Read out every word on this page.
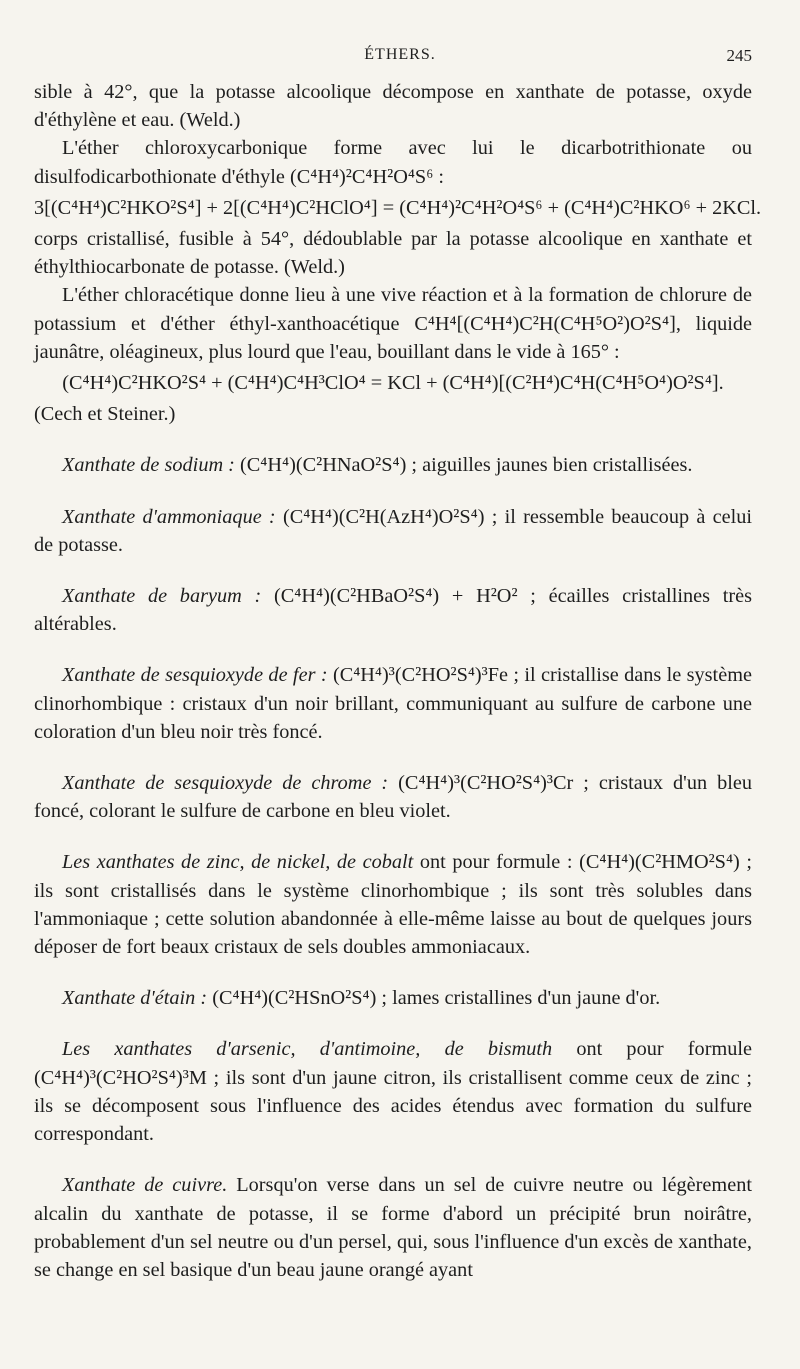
ÉTHERS.	245

sible à 42°, que la potasse alcoolique décompose en xanthate de potasse, oxyde d'éthylène et eau. (Weld.)

L'éther chloroxycarbonique forme avec lui le dicarbotrithionate ou disulfodicarbothionate d'éthyle (C⁴H⁴)²C⁴H²O⁴S⁶ :

3[(C⁴H⁴)C²HKO²S⁴] + 2[(C⁴H⁴)C²HClO⁴] = (C⁴H⁴)²C⁴H²O⁴S⁶ + (C⁴H⁴)C²HKO⁶ + 2KCl.

corps cristallisé, fusible à 54°, dédoublable par la potasse alcoolique en xanthate et éthylthiocarbonate de potasse. (Weld.)

L'éther chloracétique donne lieu à une vive réaction et à la formation de chlorure de potassium et d'éther éthyl-xanthoacétique C⁴H⁴[(C⁴H⁴)C²H(C⁴H⁵O²)O²S⁴], liquide jaunâtre, oléagineux, plus lourd que l'eau, bouillant dans le vide à 165° :

(C⁴H⁴)C²HKO²S⁴ + (C⁴H⁴)C⁴H³ClO⁴ = KCl + (C⁴H⁴)[(C²H⁴)C⁴H(C⁴H⁵O⁴)O²S⁴].

(Cech et Steiner.)

Xanthate de sodium : (C⁴H⁴)(C²HNaO²S⁴) ; aiguilles jaunes bien cristallisées.

Xanthate d'ammoniaque : (C⁴H⁴)(C²H(AzH⁴)O²S⁴) ; il ressemble beaucoup à celui de potasse.

Xanthate de baryum : (C⁴H⁴)(C²HBaO²S⁴) + H²O² ; écailles cristallines très altérables.

Xanthate de sesquioxyde de fer : (C⁴H⁴)³(C²HO²S⁴)³Fe ; il cristallise dans le système clinorhombique : cristaux d'un noir brillant, communiquant au sulfure de carbone une coloration d'un bleu noir très foncé.

Xanthate de sesquioxyde de chrome : (C⁴H⁴)³(C²HO²S⁴)³Cr ; cristaux d'un bleu foncé, colorant le sulfure de carbone en bleu violet.

Les xanthates de zinc, de nickel, de cobalt ont pour formule : (C⁴H⁴)(C²HMO²S⁴) ; ils sont cristallisés dans le système clinorhombique ; ils sont très solubles dans l'ammoniaque ; cette solution abandonnée à elle-même laisse au bout de quelques jours déposer de fort beaux cristaux de sels doubles ammoniacaux.

Xanthate d'étain : (C⁴H⁴)(C²HSnO²S⁴) ; lames cristallines d'un jaune d'or.

Les xanthates d'arsenic, d'antimoine, de bismuth ont pour formule (C⁴H⁴)³(C²HO²S⁴)³M ; ils sont d'un jaune citron, ils cristallisent comme ceux de zinc ; ils se décomposent sous l'influence des acides étendus avec formation du sulfure correspondant.

Xanthate de cuivre. Lorsqu'on verse dans un sel de cuivre neutre ou légèrement alcalin du xanthate de potasse, il se forme d'abord un précipité brun noirâtre, probablement d'un sel neutre ou d'un persel, qui, sous l'influence d'un excès de xanthate, se change en sel basique d'un beau jaune orangé ayant
